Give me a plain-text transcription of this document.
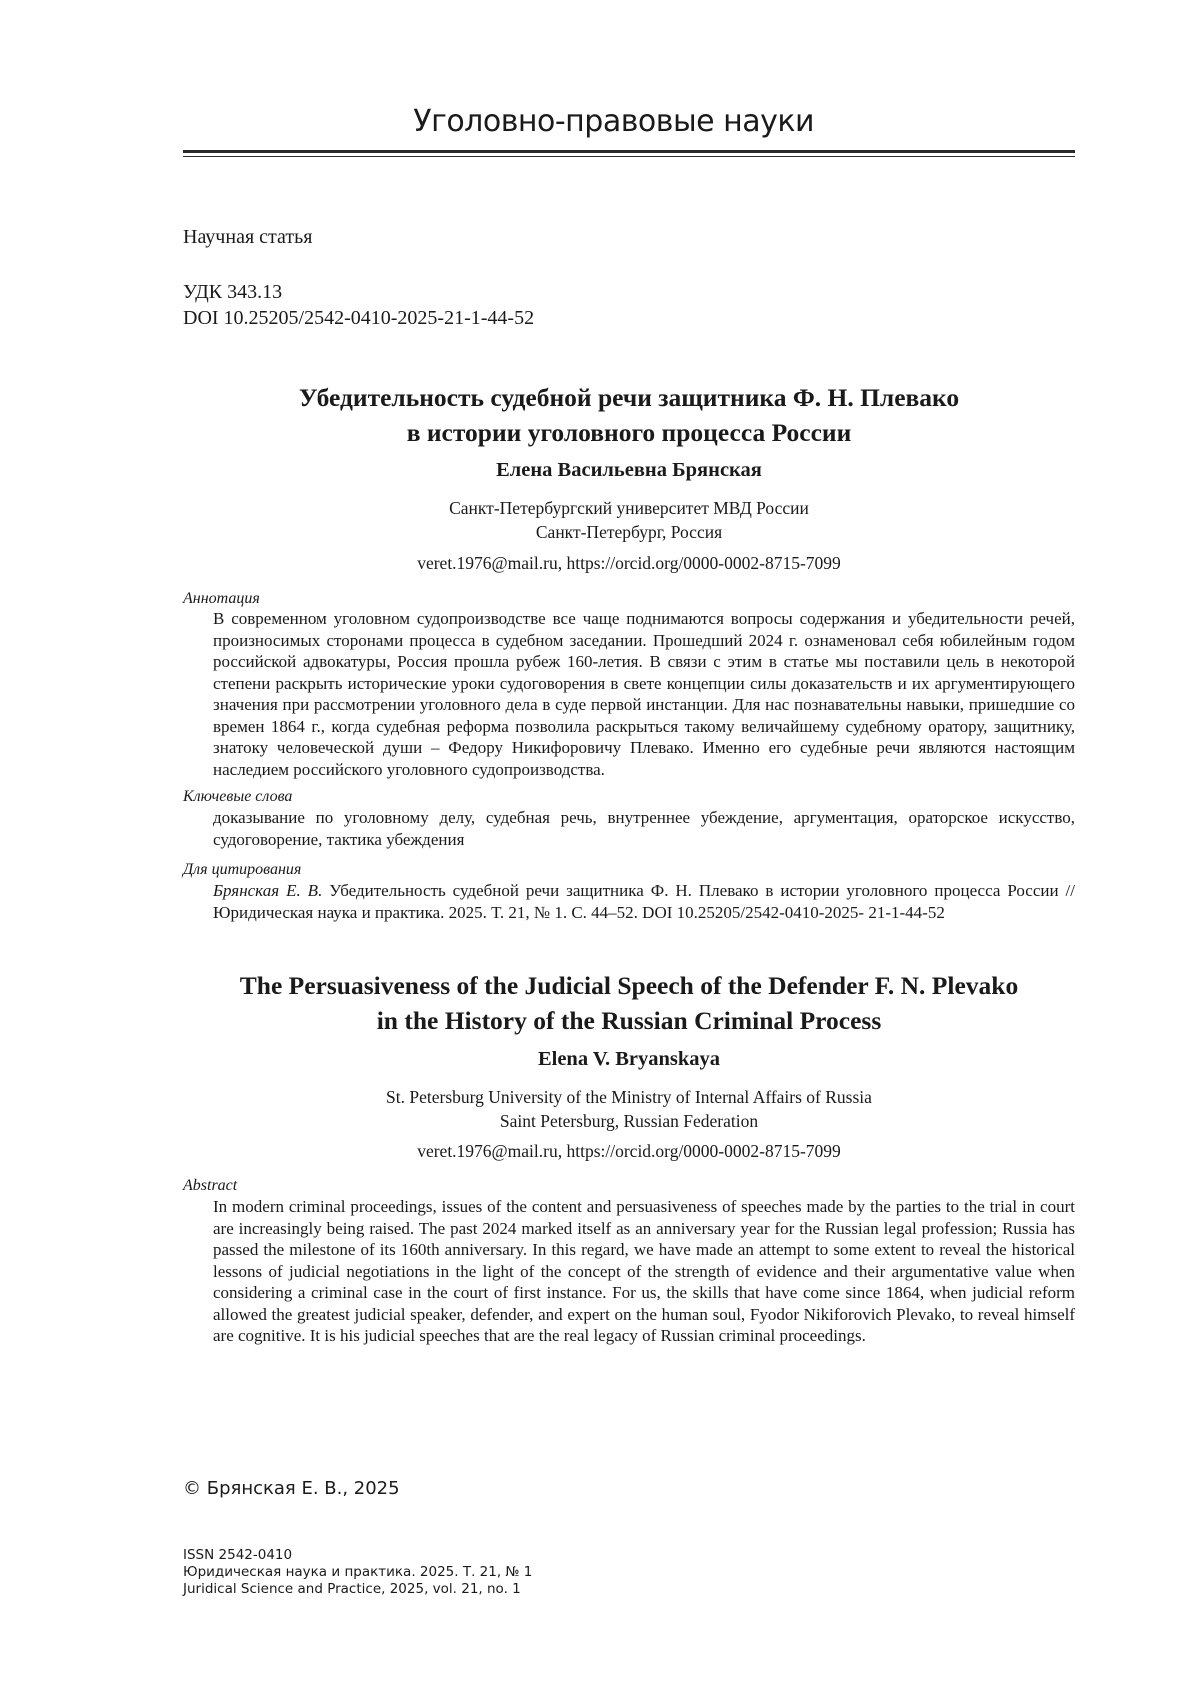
Уголовно-правовые науки
Научная статья
УДК 343.13
DOI 10.25205/2542-0410-2025-21-1-44-52
Убедительность судебной речи защитника Ф. Н. Плевако
в истории уголовного процесса России
Елена Васильевна Брянская
Санкт-Петербургский университет МВД России
Санкт-Петербург, Россия
veret.1976@mail.ru, https://orcid.org/0000-0002-8715-7099
Аннотация
В современном уголовном судопроизводстве все чаще поднимаются вопросы содержания и убедительности речей, произносимых сторонами процесса в судебном заседании. Прошедший 2024 г. ознаменовал себя юбилейным годом российской адвокатуры, Россия прошла рубеж 160-летия. В связи с этим в статье мы поставили цель в некоторой степени раскрыть исторические уроки судоговорения в свете концепции силы доказательств и их аргументирующего значения при рассмотрении уголовного дела в суде первой инстанции. Для нас познавательны навыки, пришедшие со времен 1864 г., когда судебная реформа позволила раскрыться такому величайшему судебному оратору, защитнику, знатоку человеческой души – Федору Никифоровичу Плевако. Именно его судебные речи являются настоящим наследием российского уголовного судопроизводства.
Ключевые слова
доказывание по уголовному делу, судебная речь, внутреннее убеждение, аргументация, ораторское искусство, судоговорение, тактика убеждения
Для цитирования
Брянская Е. В. Убедительность судебной речи защитника Ф. Н. Плевако в истории уголовного процесса России // Юридическая наука и практика. 2025. Т. 21, № 1. С. 44–52. DOI 10.25205/2542-0410-2025- 21-1-44-52
The Persuasiveness of the Judicial Speech of the Defender F. N. Plevako
in the History of the Russian Criminal Process
Elena V. Bryanskaya
St. Petersburg University of the Ministry of Internal Affairs of Russia
Saint Petersburg, Russian Federation
veret.1976@mail.ru, https://orcid.org/0000-0002-8715-7099
Abstract
In modern criminal proceedings, issues of the content and persuasiveness of speeches made by the parties to the trial in court are increasingly being raised. The past 2024 marked itself as an anniversary year for the Russian legal profession; Russia has passed the milestone of its 160th anniversary. In this regard, we have made an attempt to some extent to reveal the historical lessons of judicial negotiations in the light of the concept of the strength of evidence and their argumentative value when considering a criminal case in the court of first instance. For us, the skills that have come since 1864, when judicial reform allowed the greatest judicial speaker, defender, and expert on the human soul, Fyodor Nikiforovich Plevako, to reveal himself are cognitive. It is his judicial speeches that are the real legacy of Russian criminal proceedings.
© Брянская Е. В., 2025
ISSN 2542-0410
Юридическая наука и практика. 2025. Т. 21, № 1
Juridical Science and Practice, 2025, vol. 21, no. 1
